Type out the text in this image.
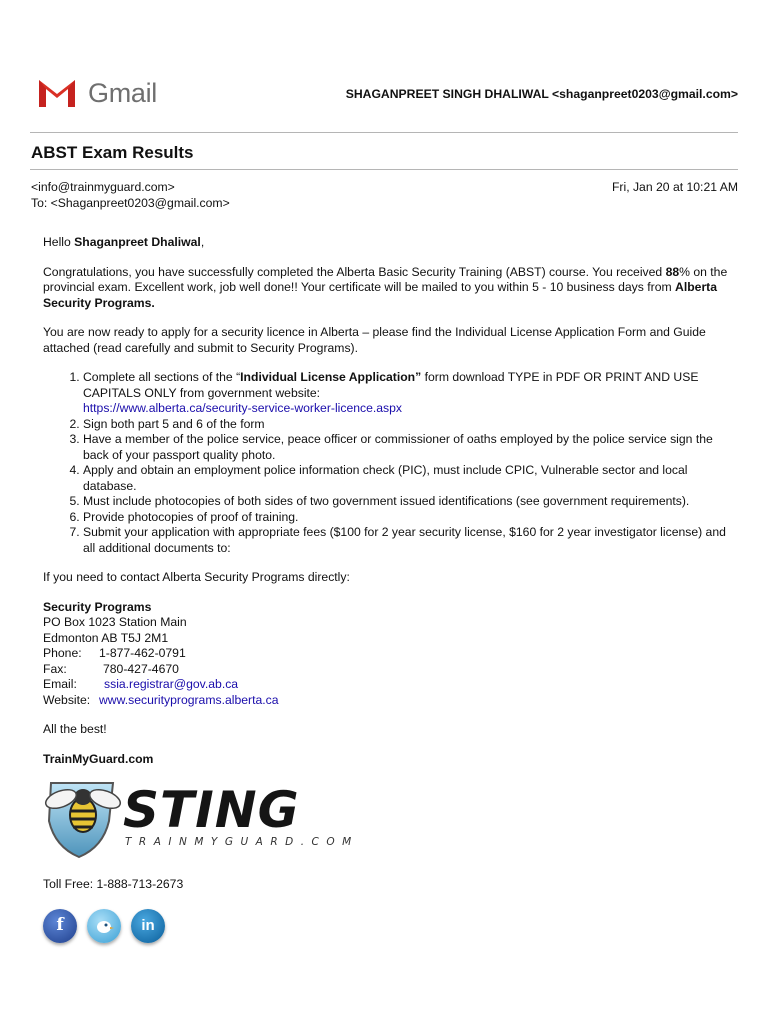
Gmail	SHAGANPREET SINGH DHALIWAL <shaganpreet0203@gmail.com>
ABST Exam Results
<info@trainmyguard.com>	Fri, Jan 20 at 10:21 AM
To: <Shaganpreet0203@gmail.com>

Hello Shaganpreet Dhaliwal,

Congratulations, you have successfully completed the Alberta Basic Security Training (ABST) course. You received 88% on the provincial exam. Excellent work, job well done!! Your certificate will be mailed to you within 5 - 10 business days from Alberta Security Programs.

You are now ready to apply for a security licence in Alberta – please find the Individual License Application Form and Guide attached (read carefully and submit to Security Programs).

1. Complete all sections of the “Individual License Application” form download TYPE in PDF OR PRINT AND USE CAPITALS ONLY from government website:
https://www.alberta.ca/security-service-worker-licence.aspx
2. Sign both part 5 and 6 of the form
3. Have a member of the police service, peace officer or commissioner of oaths employed by the police service sign the back of your passport quality photo.
4. Apply and obtain an employment police information check (PIC), must include CPIC, Vulnerable sector and local database.
5. Must include photocopies of both sides of two government issued identifications (see government requirements).
6. Provide photocopies of proof of training.
7. Submit your application with appropriate fees ($100 for 2 year security license, $160 for 2 year investigator license) and all additional documents to:

If you need to contact Alberta Security Programs directly:

Security Programs
PO Box 1023 Station Main
Edmonton AB T5J 2M1
Phone:	1-877-462-0791
Fax:	780-427-4670
Email:	ssia.registrar@gov.ab.ca
Website: www.securityprograms.alberta.ca

All the best!

TrainMyGuard.com

STING
TRAINMYGUARD.COM
Toll Free: 1-888-713-2673
f	in
